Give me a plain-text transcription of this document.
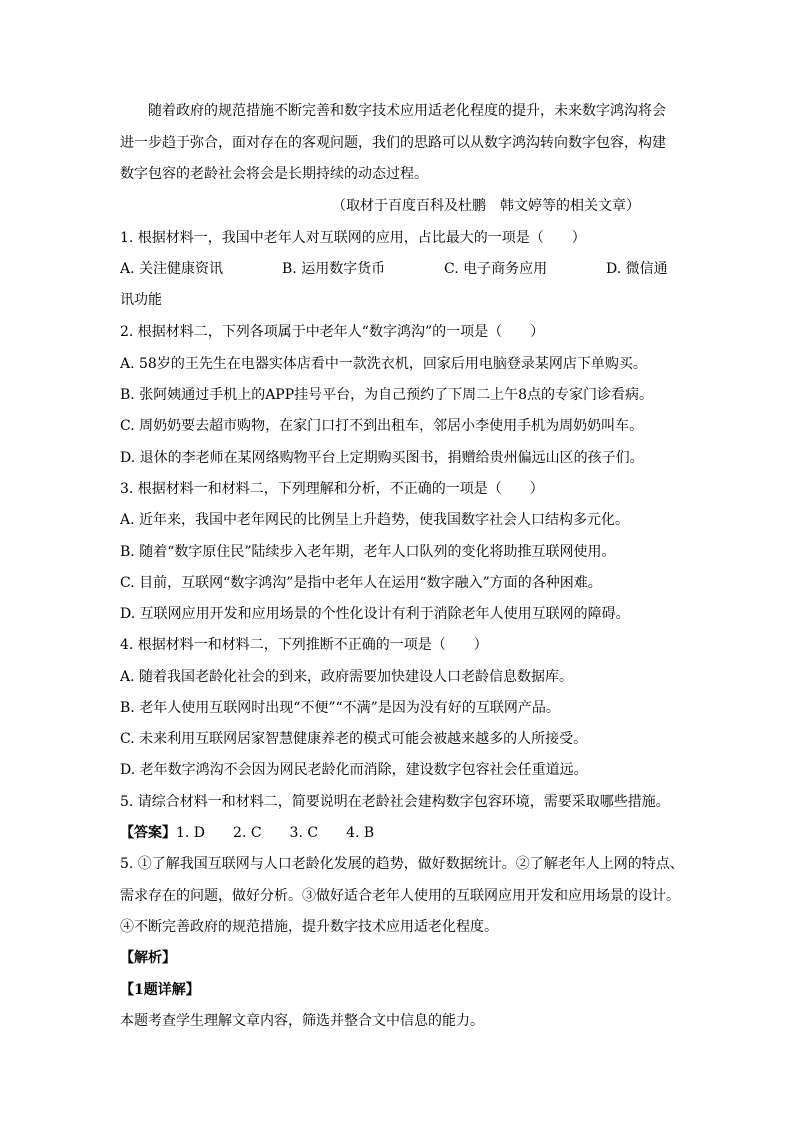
随着政府的规范措施不断完善和数字技术应用适老化程度的提升，未来数字鸿沟将会
进一步趋于弥合，面对存在的客观问题，我们的思路可以从数字鸿沟转向数字包容，构建
数字包容的老龄社会将会是长期持续的动态过程。
（取材于百度百科及杜鹏　韩文婷等的相关文章）
1. 根据材料一，我国中老年人对互联网的应用，占比最大的一项是（　　）
A. 关注健康资讯	B. 运用数字货币	C. 电子商务应用	D. 微信通
讯功能
2. 根据材料二，下列各项属于中老年人“数字鸿沟”的一项是（　　）
A. 58岁的王先生在电器实体店看中一款洗衣机，回家后用电脑登录某网店下单购买。
B. 张阿姨通过手机上的APP挂号平台，为自己预约了下周二上午8点的专家门诊看病。
C. 周奶奶要去超市购物，在家门口打不到出租车，邻居小李使用手机为周奶奶叫车。
D. 退休的李老师在某网络购物平台上定期购买图书，捐赠给贵州偏远山区的孩子们。
3. 根据材料一和材料二，下列理解和分析，不正确的一项是（　　）
A. 近年来，我国中老年网民的比例呈上升趋势，使我国数字社会人口结构多元化。
B. 随着“数字原住民”陆续步入老年期，老年人口队列的变化将助推互联网使用。
C. 目前，互联网“数字鸿沟”是指中老年人在运用“数字融入”方面的各种困难。
D. 互联网应用开发和应用场景的个性化设计有利于消除老年人使用互联网的障碍。
4. 根据材料一和材料二，下列推断不正确的一项是（　　）
A. 随着我国老龄化社会的到来，政府需要加快建设人口老龄信息数据库。
B. 老年人使用互联网时出现“不便”“不满”是因为没有好的互联网产品。
C. 未来利用互联网居家智慧健康养老的模式可能会被越来越多的人所接受。
D. 老年数字鸿沟不会因为网民老龄化而消除，建设数字包容社会任重道远。
5. 请综合材料一和材料二，简要说明在老龄社会建构数字包容环境，需要采取哪些措施。
【答案】1. D　　2. C　　3. C　　4. B
5. ①了解我国互联网与人口老龄化发展的趋势，做好数据统计。②了解老年人上网的特点、
需求存在的问题，做好分析。③做好适合老年人使用的互联网应用开发和应用场景的设计。
④不断完善政府的规范措施，提升数字技术应用适老化程度。
【解析】
【1题详解】
本题考查学生理解文章内容，筛选并整合文中信息的能力。
